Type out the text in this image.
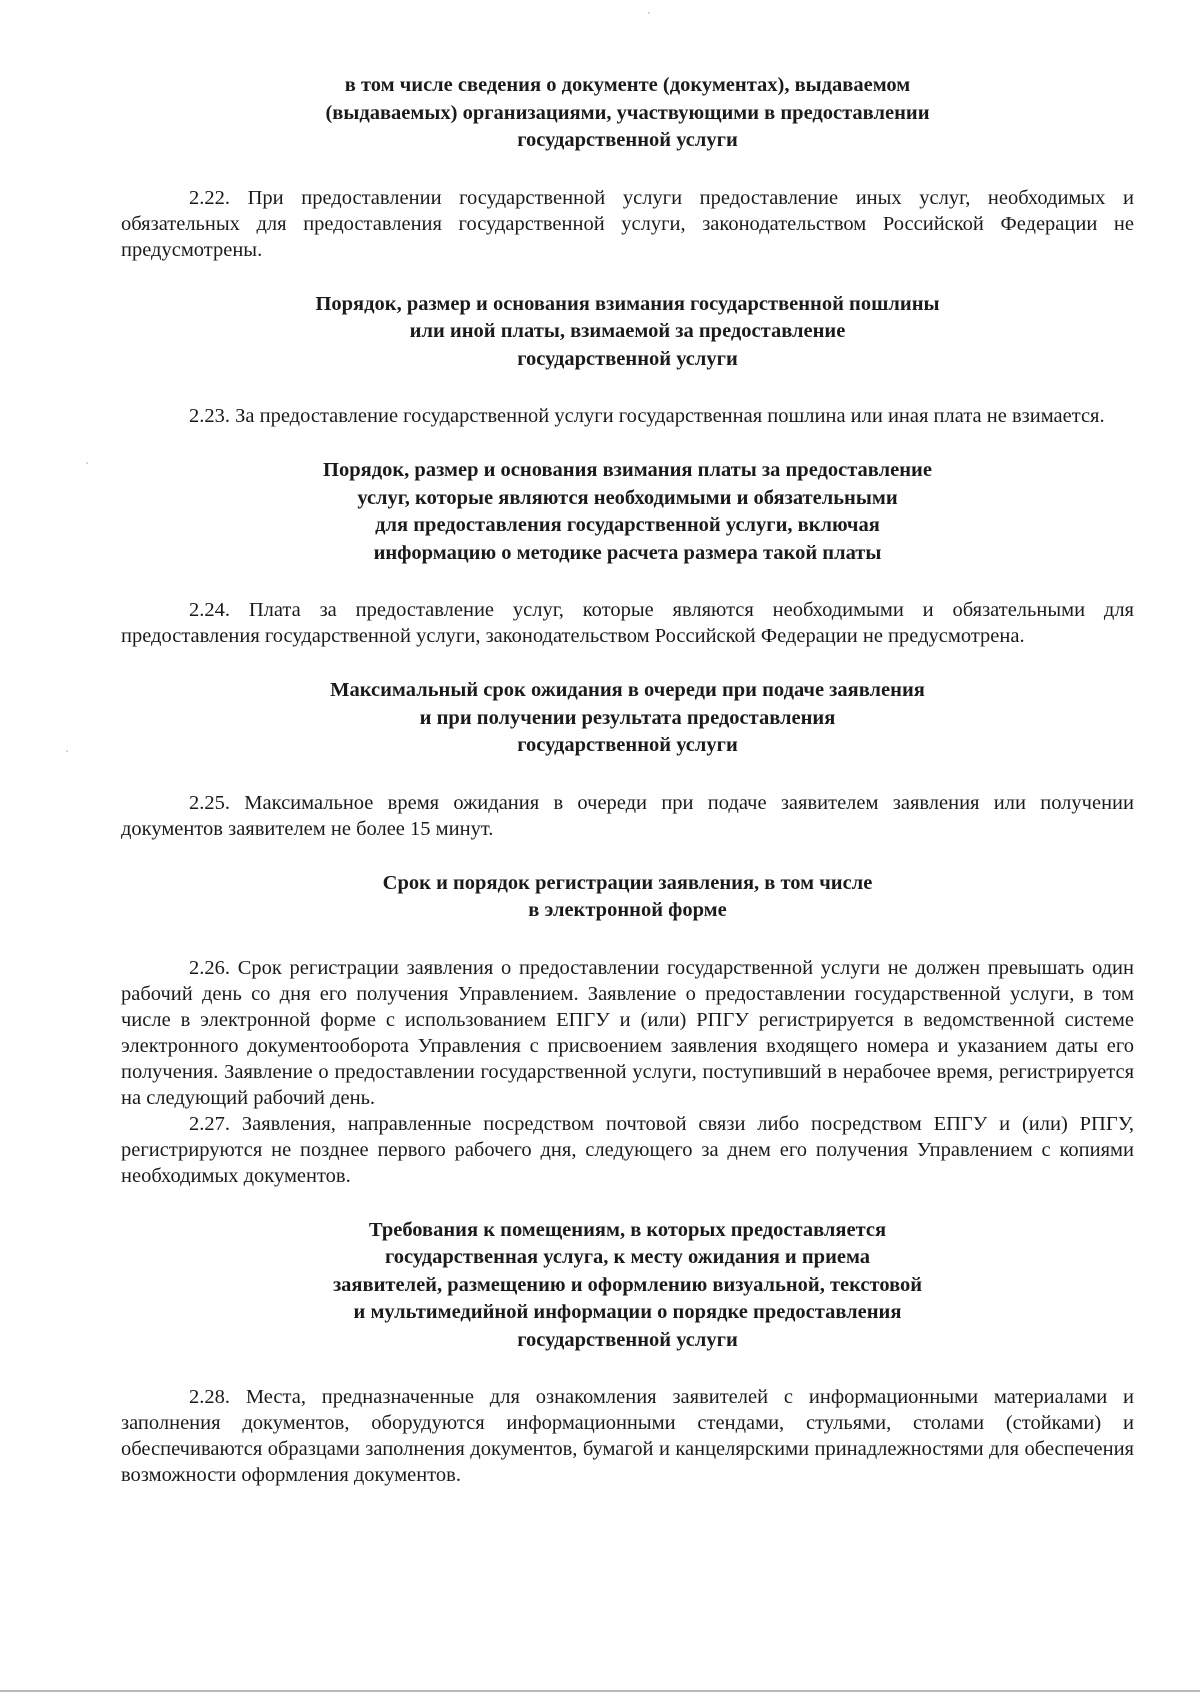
в том числе сведения о документе (документах), выдаваемом
(выдаваемых) организациями, участвующими в предоставлении
государственной услуги

2.22. При предоставлении государственной услуги предоставление иных услуг, необходимых и обязательных для предоставления государственной услуги, законодательством Российской Федерации не предусмотрены.

Порядок, размер и основания взимания государственной пошлины
или иной платы, взимаемой за предоставление
государственной услуги

2.23. За предоставление государственной услуги государственная пошлина или иная плата не взимается.

Порядок, размер и основания взимания платы за предоставление
услуг, которые являются необходимыми и обязательными
для предоставления государственной услуги, включая
информацию о методике расчета размера такой платы

2.24. Плата за предоставление услуг, которые являются необходимыми и обязательными для предоставления государственной услуги, законодательством Российской Федерации не предусмотрена.

Максимальный срок ожидания в очереди при подаче заявления
и при получении результата предоставления
государственной услуги

2.25. Максимальное время ожидания в очереди при подаче заявителем заявления или получении документов заявителем не более 15 минут.

Срок и порядок регистрации заявления, в том числе
в электронной форме

2.26. Срок регистрации заявления о предоставлении государственной услуги не должен превышать один рабочий день со дня его получения Управлением. Заявление о предоставлении государственной услуги, в том числе в электронной форме с использованием ЕПГУ и (или) РПГУ регистрируется в ведомственной системе электронного документооборота Управления с присвоением заявления входящего номера и указанием даты его получения. Заявление о предоставлении государственной услуги, поступивший в нерабочее время, регистрируется на следующий рабочий день.

2.27. Заявления, направленные посредством почтовой связи либо посредством ЕПГУ и (или) РПГУ, регистрируются не позднее первого рабочего дня, следующего за днем его получения Управлением с копиями необходимых документов.

Требования к помещениям, в которых предоставляется
государственная услуга, к месту ожидания и приема
заявителей, размещению и оформлению визуальной, текстовой
и мультимедийной информации о порядке предоставления
государственной услуги

2.28. Места, предназначенные для ознакомления заявителей с информационными материалами и заполнения документов, оборудуются информационными стендами, стульями, столами (стойками) и обеспечиваются образцами заполнения документов, бумагой и канцелярскими принадлежностями для обеспечения возможности оформления документов.
